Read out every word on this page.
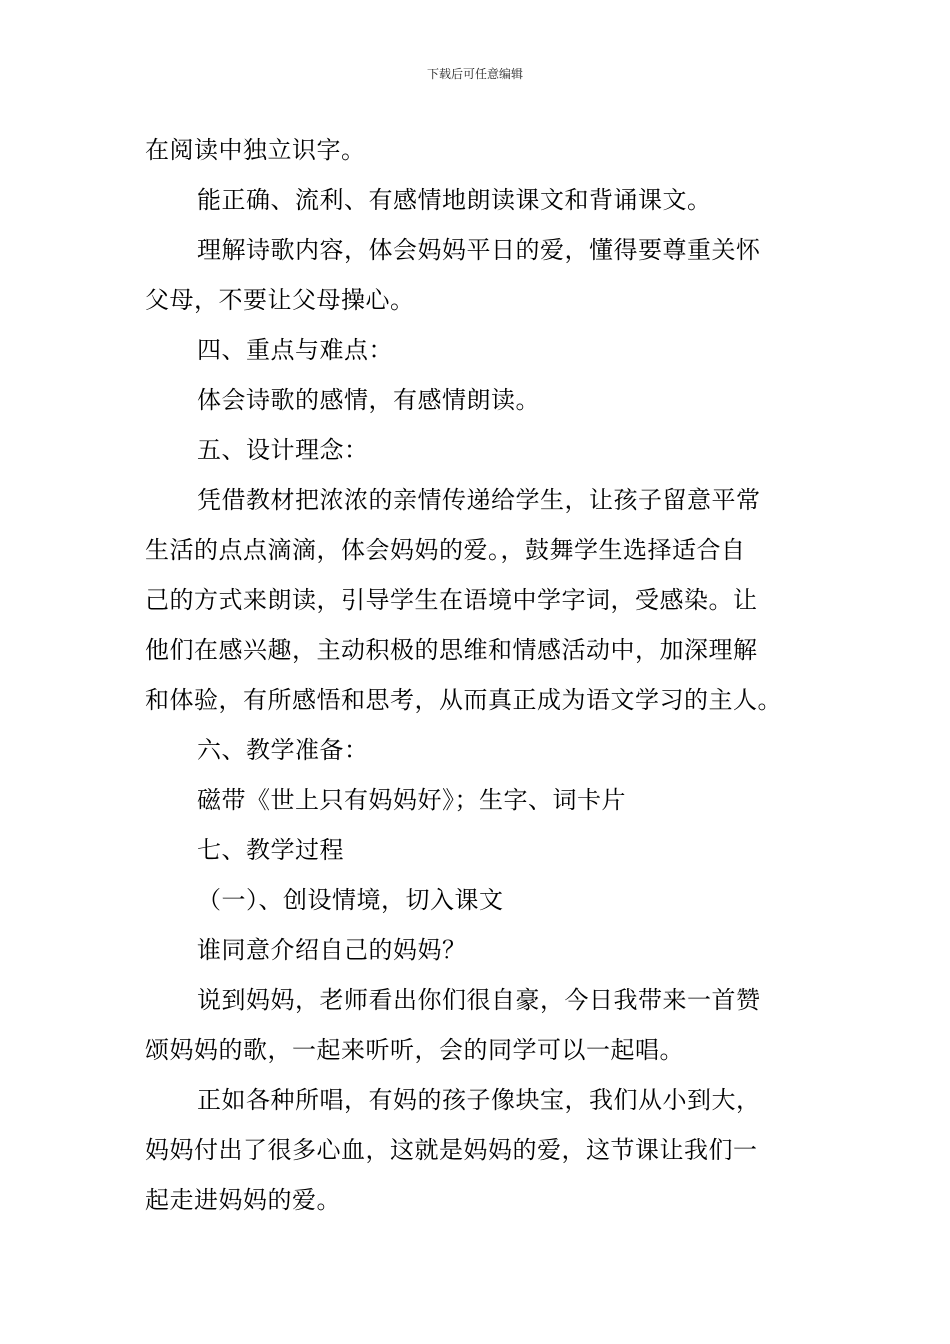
下载后可任意编辑
在阅读中独立识字。
能正确、流利、有感情地朗读课文和背诵课文。
理解诗歌内容，体会妈妈平日的爱，懂得要尊重关怀
父母，不要让父母操心。
四、重点与难点：
体会诗歌的感情，有感情朗读。
五、设计理念：
凭借教材把浓浓的亲情传递给学生，让孩子留意平常
生活的点点滴滴，体会妈妈的爱。，鼓舞学生选择适合自
己的方式来朗读，引导学生在语境中学字词，受感染。让
他们在感兴趣，主动积极的思维和情感活动中，加深理解
和体验，有所感悟和思考，从而真正成为语文学习的主人。
六、教学准备：
磁带《世上只有妈妈好》；生字、词卡片
七、教学过程
（一）、创设情境，切入课文
谁同意介绍自己的妈妈？
说到妈妈，老师看出你们很自豪，今日我带来一首赞
颂妈妈的歌，一起来听听，会的同学可以一起唱。
正如各种所唱，有妈的孩子像块宝，我们从小到大，
妈妈付出了很多心血，这就是妈妈的爱，这节课让我们一
起走进妈妈的爱。
